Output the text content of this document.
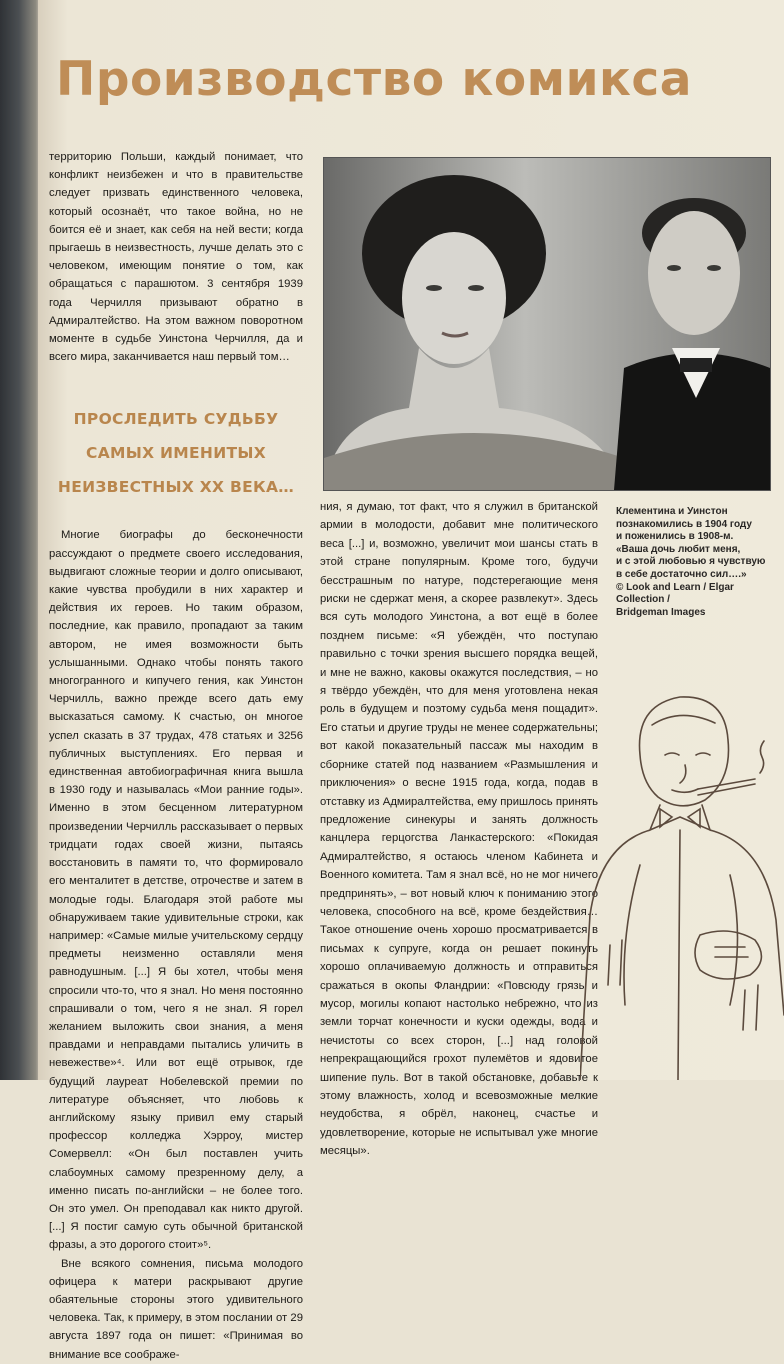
Производство комикса

территорию Польши, каждый понимает, что конфликт неизбежен и что в правительстве следует призвать единственного человека, который осознаёт, что такое война, но не боится её и знает, как себя на ней вести; когда прыгаешь в неизвестность, лучше делать это с человеком, имеющим понятие о том, как обращаться с парашютом. 3 сентября 1939 года Черчилля призывают обратно в Адмиралтейство. На этом важном поворотном моменте в судьбе Уинстона Черчилля, да и всего мира, заканчивается наш первый том…

ПРОСЛЕДИТЬ СУДЬБУ
САМЫХ ИМЕНИТЫХ
НЕИЗВЕСТНЫХ XX ВЕКА…

Многие биографы до бесконечности рассуждают о предмете своего исследования, выдвигают сложные теории и долго описывают, какие чувства пробудили в них характер и действия их героев. Но таким образом, последние, как правило, пропадают за таким автором, не имея возможности быть услышанными. Однако чтобы понять такого многогранного и кипучего гения, как Уинстон Черчилль, важно прежде всего дать ему высказаться самому. К счастью, он многое успел сказать в 37 трудах, 478 статьях и 3256 публичных выступлениях. Его первая и единственная автобиографичная книга вышла в 1930 году и называлась «Мои ранние годы». Именно в этом бесценном литературном произведении Черчилль рассказывает о первых тридцати годах своей жизни, пытаясь восстановить в памяти то, что формировало его менталитет в детстве, отрочестве и затем в молодые годы. Благодаря этой работе мы обнаруживаем такие удивительные строки, как например: «Самые милые учительскому сердцу предметы неизменно оставляли меня равнодушным. [...] Я бы хотел, чтобы меня спросили что-то, что я знал. Но меня постоянно спрашивали о том, чего я не знал. Я горел желанием выложить свои знания, а меня правдами и неправдами пытались уличить в невежестве»⁴. Или вот ещё отрывок, где будущий лауреат Нобелевской премии по литературе объясняет, что любовь к английскому языку привил ему старый профессор колледжа Хэрроу, мистер Сомервелл: «Он был поставлен учить слабоумных самому презренному делу, а именно писать по-английски – не более того. Он это умел. Он преподавал как никто другой. [...] Я постиг самую суть обычной британской фразы, а это дорогого стоит»⁵.

Вне всякого сомнения, письма молодого офицера к матери раскрывают другие обаятельные стороны этого удивительного человека. Так, к примеру, в этом послании от 29 августа 1897 года он пишет: «Принимая во внимание все соображе-

ния, я думаю, тот факт, что я служил в британской армии в молодости, добавит мне политического веса [...] и, возможно, увеличит мои шансы стать в этой стране популярным. Кроме того, будучи бесстрашным по натуре, подстерегающие меня риски не сдержат меня, а скорее развлекут». Здесь вся суть молодого Уинстона, а вот ещё в более позднем письме: «Я убеждён, что поступаю правильно с точки зрения высшего порядка вещей, и мне не важно, каковы окажутся последствия, – но я твёрдо убеждён, что для меня уготовлена некая роль в будущем и поэтому судьба меня пощадит». Его статьи и другие труды не менее содержательны; вот какой показательный пассаж мы находим в сборнике статей под названием «Размышления и приключения» о весне 1915 года, когда, подав в отставку из Адмиралтейства, ему пришлось принять предложение синекуры и занять должность канцлера герцогства Ланкастерского: «Покидая Адмиралтейство, я остаюсь членом Кабинета и Военного комитета. Там я знал всё, но не мог ничего предпринять», – вот новый ключ к пониманию этого человека, способного на всё, кроме бездействия… Такое отношение очень хорошо просматривается в письмах к супруге, когда он решает покинуть хорошо оплачиваемую должность и отправиться сражаться в окопы Фландрии: «Повсюду грязь и мусор, могилы копают настолько небрежно, что из земли торчат конечности и куски одежды, вода и нечистоты со всех сторон, [...] над головой непрекращающийся грохот пулемётов и ядовитое шипение пуль. Вот в такой обстановке, добавьте к этому влажность, холод и всевозможные мелкие неудобства, я обрёл, наконец, счастье и удовлетворение, которые не испытывал уже многие месяцы».

Клементина и Уинстон
познакомились в 1904 году
и поженились в 1908-м.
«Ваша дочь любит меня,
и с этой любовью я чувствую
в себе достаточно сил….»
© Look and Learn / Elgar Collection /
Bridgeman Images
